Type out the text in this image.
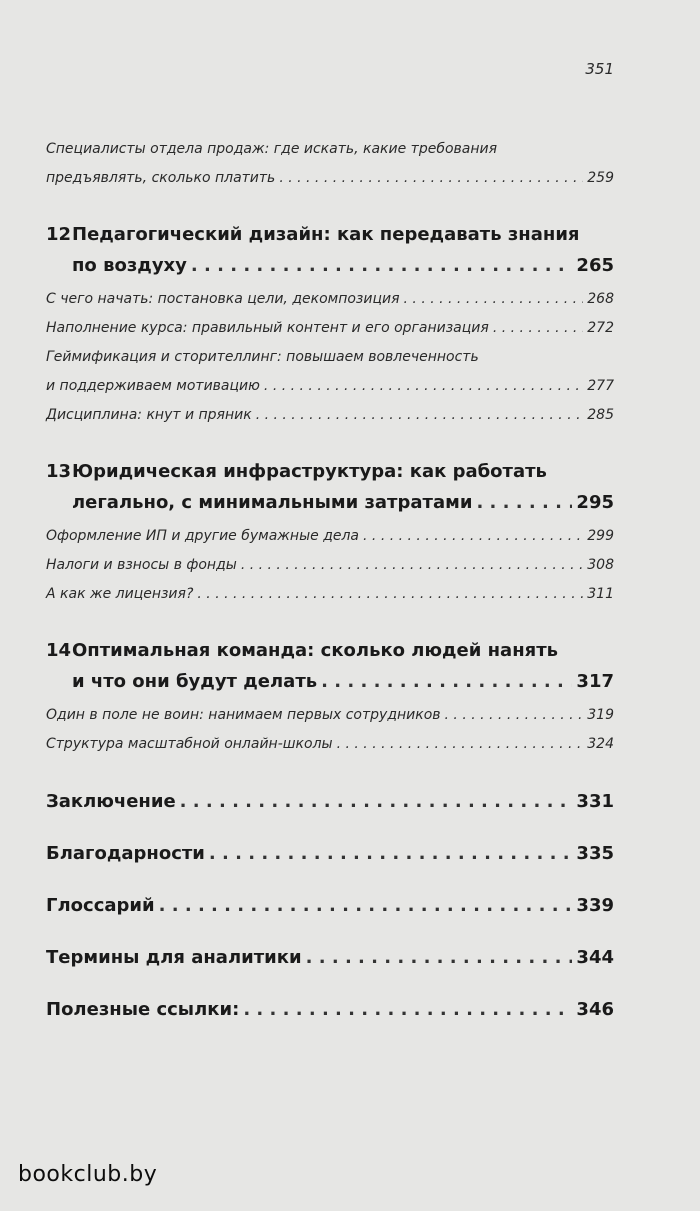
351
Специалисты отдела продаж: где искать, какие требования
предъявлять, сколько платить . . .	259
12Педагогический дизайн: как передавать знания
по воздуху . . .	265
С чего начать: постановка цели, декомпозиция . . .	268
Наполнение курса: правильный контент и его организация . . .	272
Геймификация и сторителлинг: повышаем вовлеченность
и поддерживаем мотивацию . . .	277
Дисциплина: кнут и пряник . . .	285
13Юридическая инфраструктура: как работать
легально, с минимальными затратами . . .	295
Оформление ИП и другие бумажные дела . . .	299
Налоги и взносы в фонды . . .	308
А как же лицензия? . . .	311
14Оптимальная команда: сколько людей нанять
и что они будут делать . . .	317
Один в поле не воин: нанимаем первых сотрудников . . .	319
Структура масштабной онлайн-школы . . .	324
Заключение . . .	331
Благодарности . . .	335
Глоссарий . . .	339
Термины для аналитики . . .	344
Полезные ссылки: . . .	346
bookclub.by
